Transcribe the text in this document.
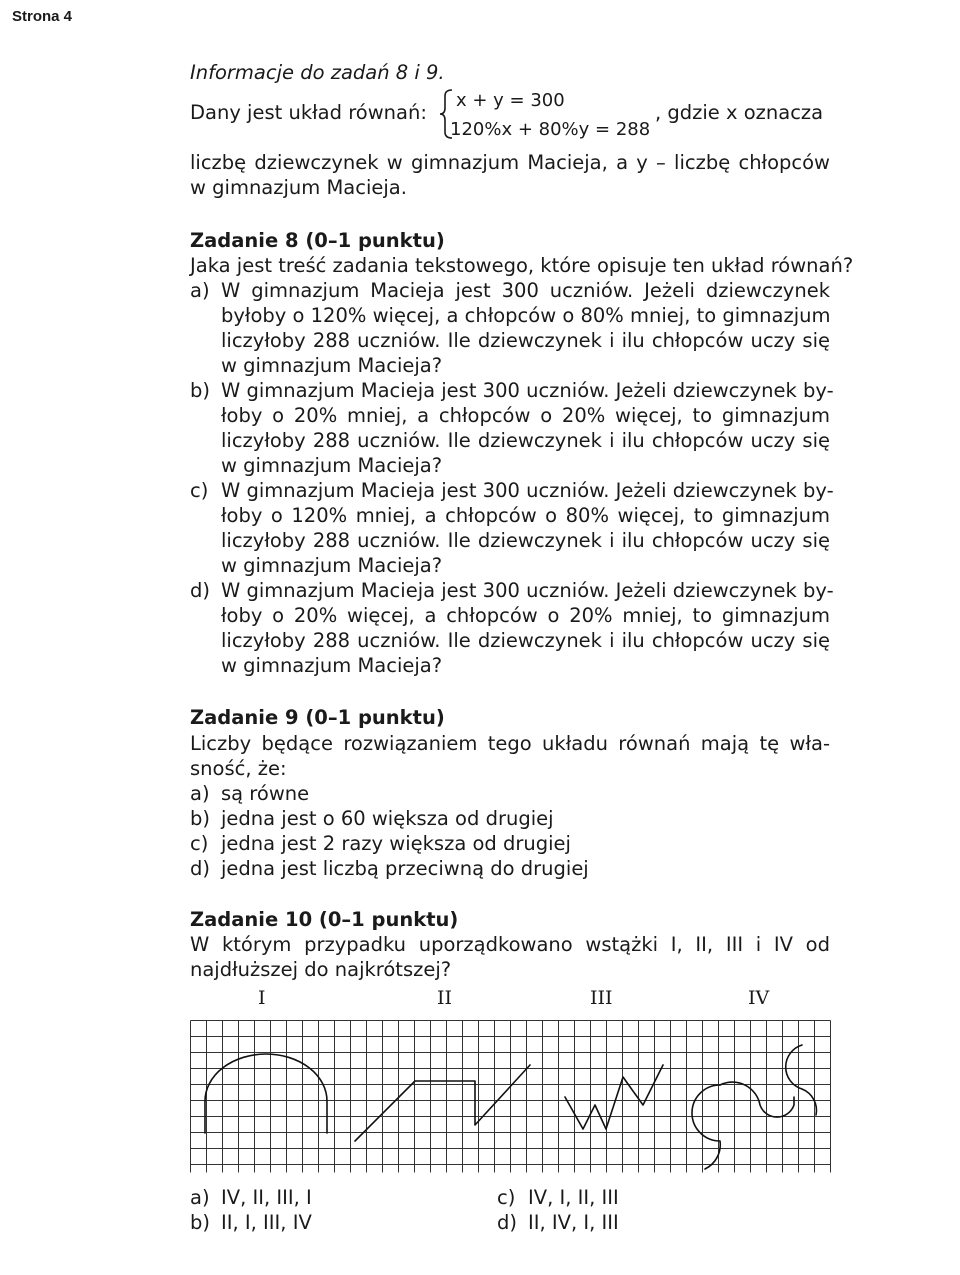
Strona 4
Informacje do zadań 8 i 9.
Dany jest układ równań:
x + y = 300
120%x + 80%y = 288
, gdzie x oznacza
liczbę dziewczynek w gimnazjum Macieja, a y – liczbę chłopców
w gimnazjum Macieja.
Zadanie 8 (0–1 punktu)
Jaka jest treść zadania tekstowego, które opisuje ten układ równań?
a) W gimnazjum Macieja jest 300 uczniów. Jeżeli dziewczynek
byłoby o 120% więcej, a chłopców o 80% mniej, to gimnazjum
liczyłoby 288 uczniów. Ile dziewczynek i ilu chłopców uczy się
w gimnazjum Macieja?
b) W gimnazjum Macieja jest 300 uczniów. Jeżeli dziewczynek by-
łoby o 20% mniej, a chłopców o 20% więcej, to gimnazjum
liczyłoby 288 uczniów. Ile dziewczynek i ilu chłopców uczy się
w gimnazjum Macieja?
c) W gimnazjum Macieja jest 300 uczniów. Jeżeli dziewczynek by-
łoby o 120% mniej, a chłopców o 80% więcej, to gimnazjum
liczyłoby 288 uczniów. Ile dziewczynek i ilu chłopców uczy się
w gimnazjum Macieja?
d) W gimnazjum Macieja jest 300 uczniów. Jeżeli dziewczynek by-
łoby o 20% więcej, a chłopców o 20% mniej, to gimnazjum
liczyłoby 288 uczniów. Ile dziewczynek i ilu chłopców uczy się
w gimnazjum Macieja?
Zadanie 9 (0–1 punktu)
Liczby będące rozwiązaniem tego układu równań mają tę wła-
sność, że:
a) są równe
b) jedna jest o 60 większa od drugiej
c) jedna jest 2 razy większa od drugiej
d) jedna jest liczbą przeciwną do drugiej
Zadanie 10 (0–1 punktu)
W którym przypadku uporządkowano wstążki I, II, III i IV od
najdłuższej do najkrótszej?
I	II	III	IV
a) IV, II, III, I
b) II, I, III, IV
c) IV, I, II, III
d) II, IV, I, III
